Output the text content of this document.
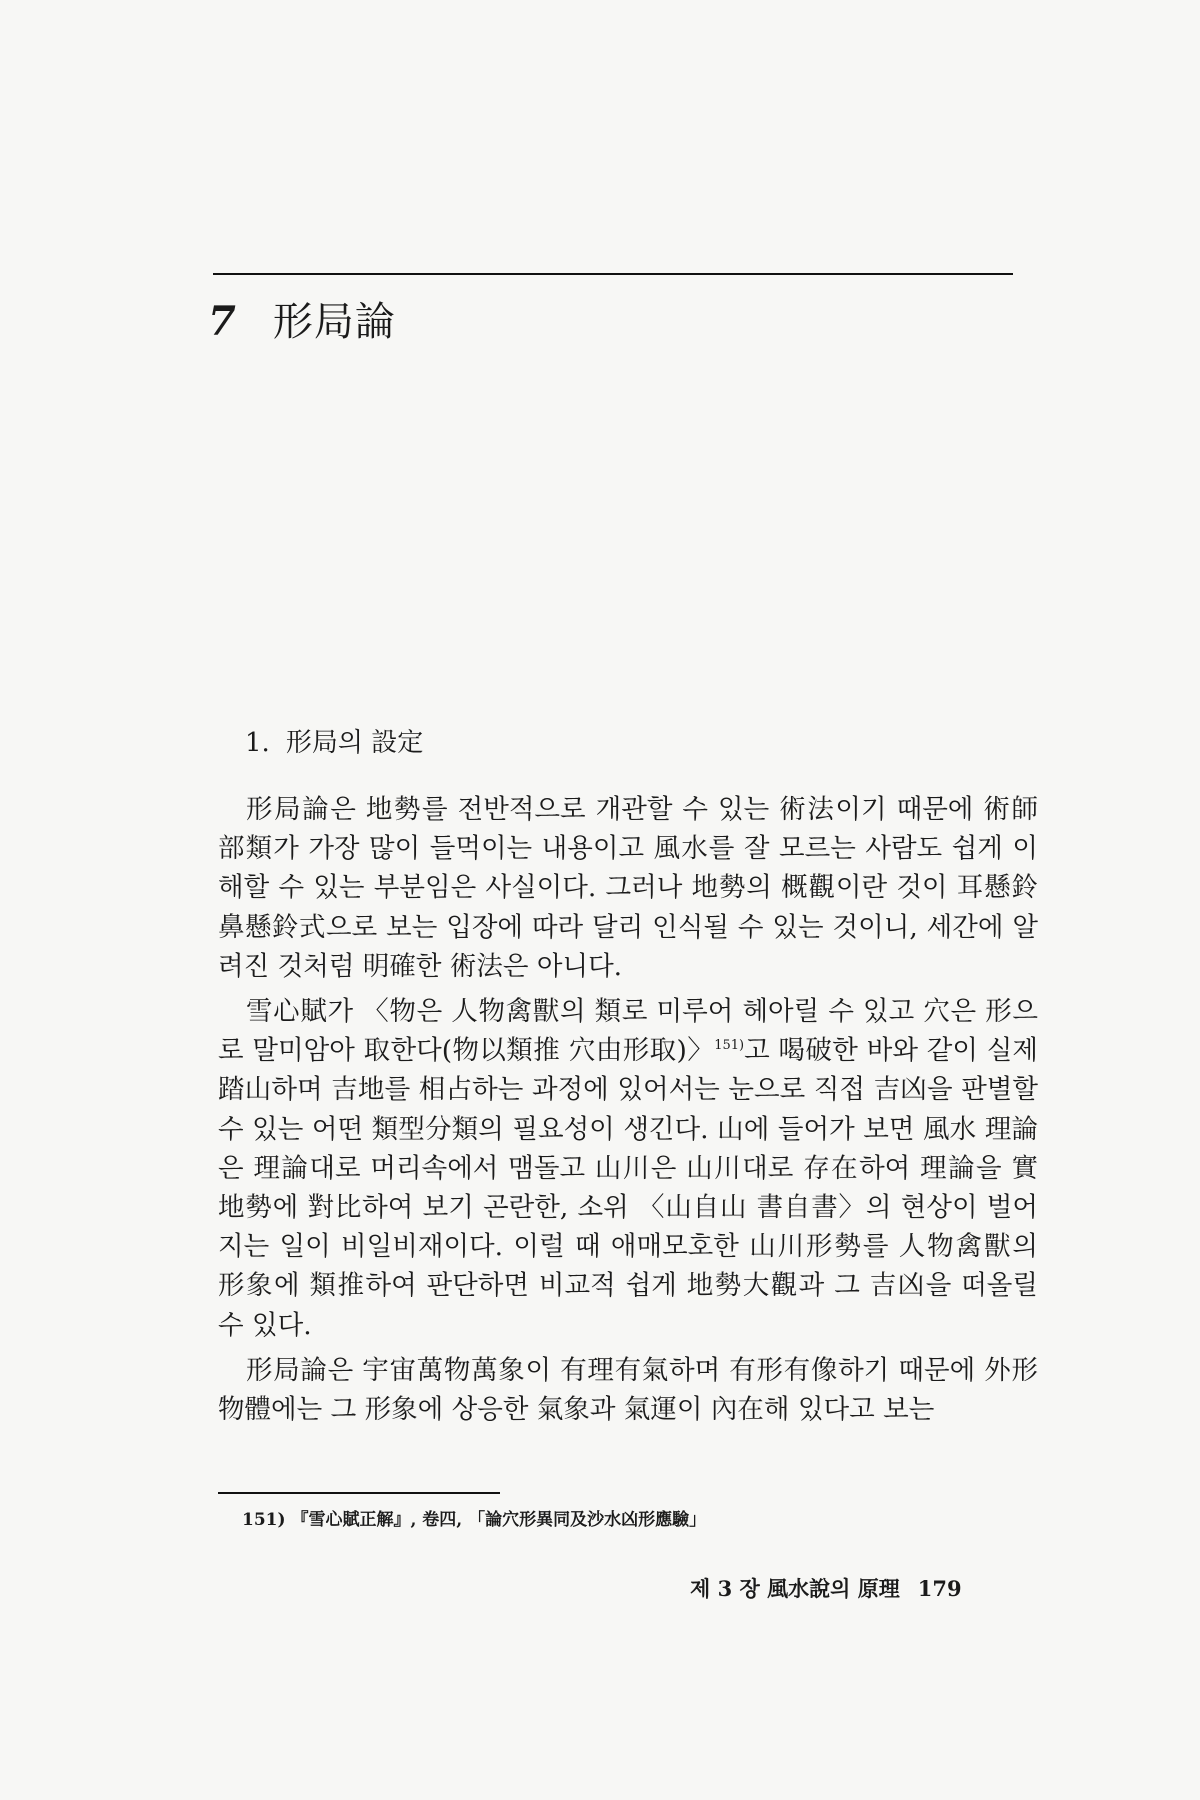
7 形局論
1. 形局의 設定

形局論은 地勢를 전반적으로 개관할 수 있는 術法이기 때문에 術師部類가 가장 많이 들먹이는 내용이고 風水를 잘 모르는 사람도 쉽게 이해할 수 있는 부분임은 사실이다. 그러나 地勢의 概觀이란 것이 耳懸鈴鼻懸鈴式으로 보는 입장에 따라 달리 인식될 수 있는 것이니, 세간에 알려진 것처럼 明確한 術法은 아니다.

雪心賦가 〈物은 人物禽獸의 類로 미루어 헤아릴 수 있고 穴은 形으로 말미암아 取한다(物以類推 穴由形取)〉$^{151)}$고 喝破한 바와 같이 실제 踏山하며 吉地를 相占하는 과정에 있어서는 눈으로 직접 吉凶을 판별할 수 있는 어떤 類型分類의 필요성이 생긴다. 山에 들어가 보면 風水 理論은 理論대로 머리속에서 맴돌고 山川은 山川대로 存在하여 理論을 實地勢에 對比하여 보기 곤란한, 소위 〈山自山 書自書〉의 현상이 벌어지는 일이 비일비재이다. 이럴 때 애매모호한 山川形勢를 人物禽獸의 形象에 類推하여 판단하면 비교적 쉽게 地勢大觀과 그 吉凶을 떠올릴 수 있다.

形局論은 宇宙萬物萬象이 有理有氣하며 有形有像하기 때문에 外形物體에는 그 形象에 상응한 氣象과 氣運이 內在해 있다고 보는

151) 『雪心賦正解』, 卷四, 「論穴形異同及沙水凶形應驗」
제 3 장 風水說의 原理 179
